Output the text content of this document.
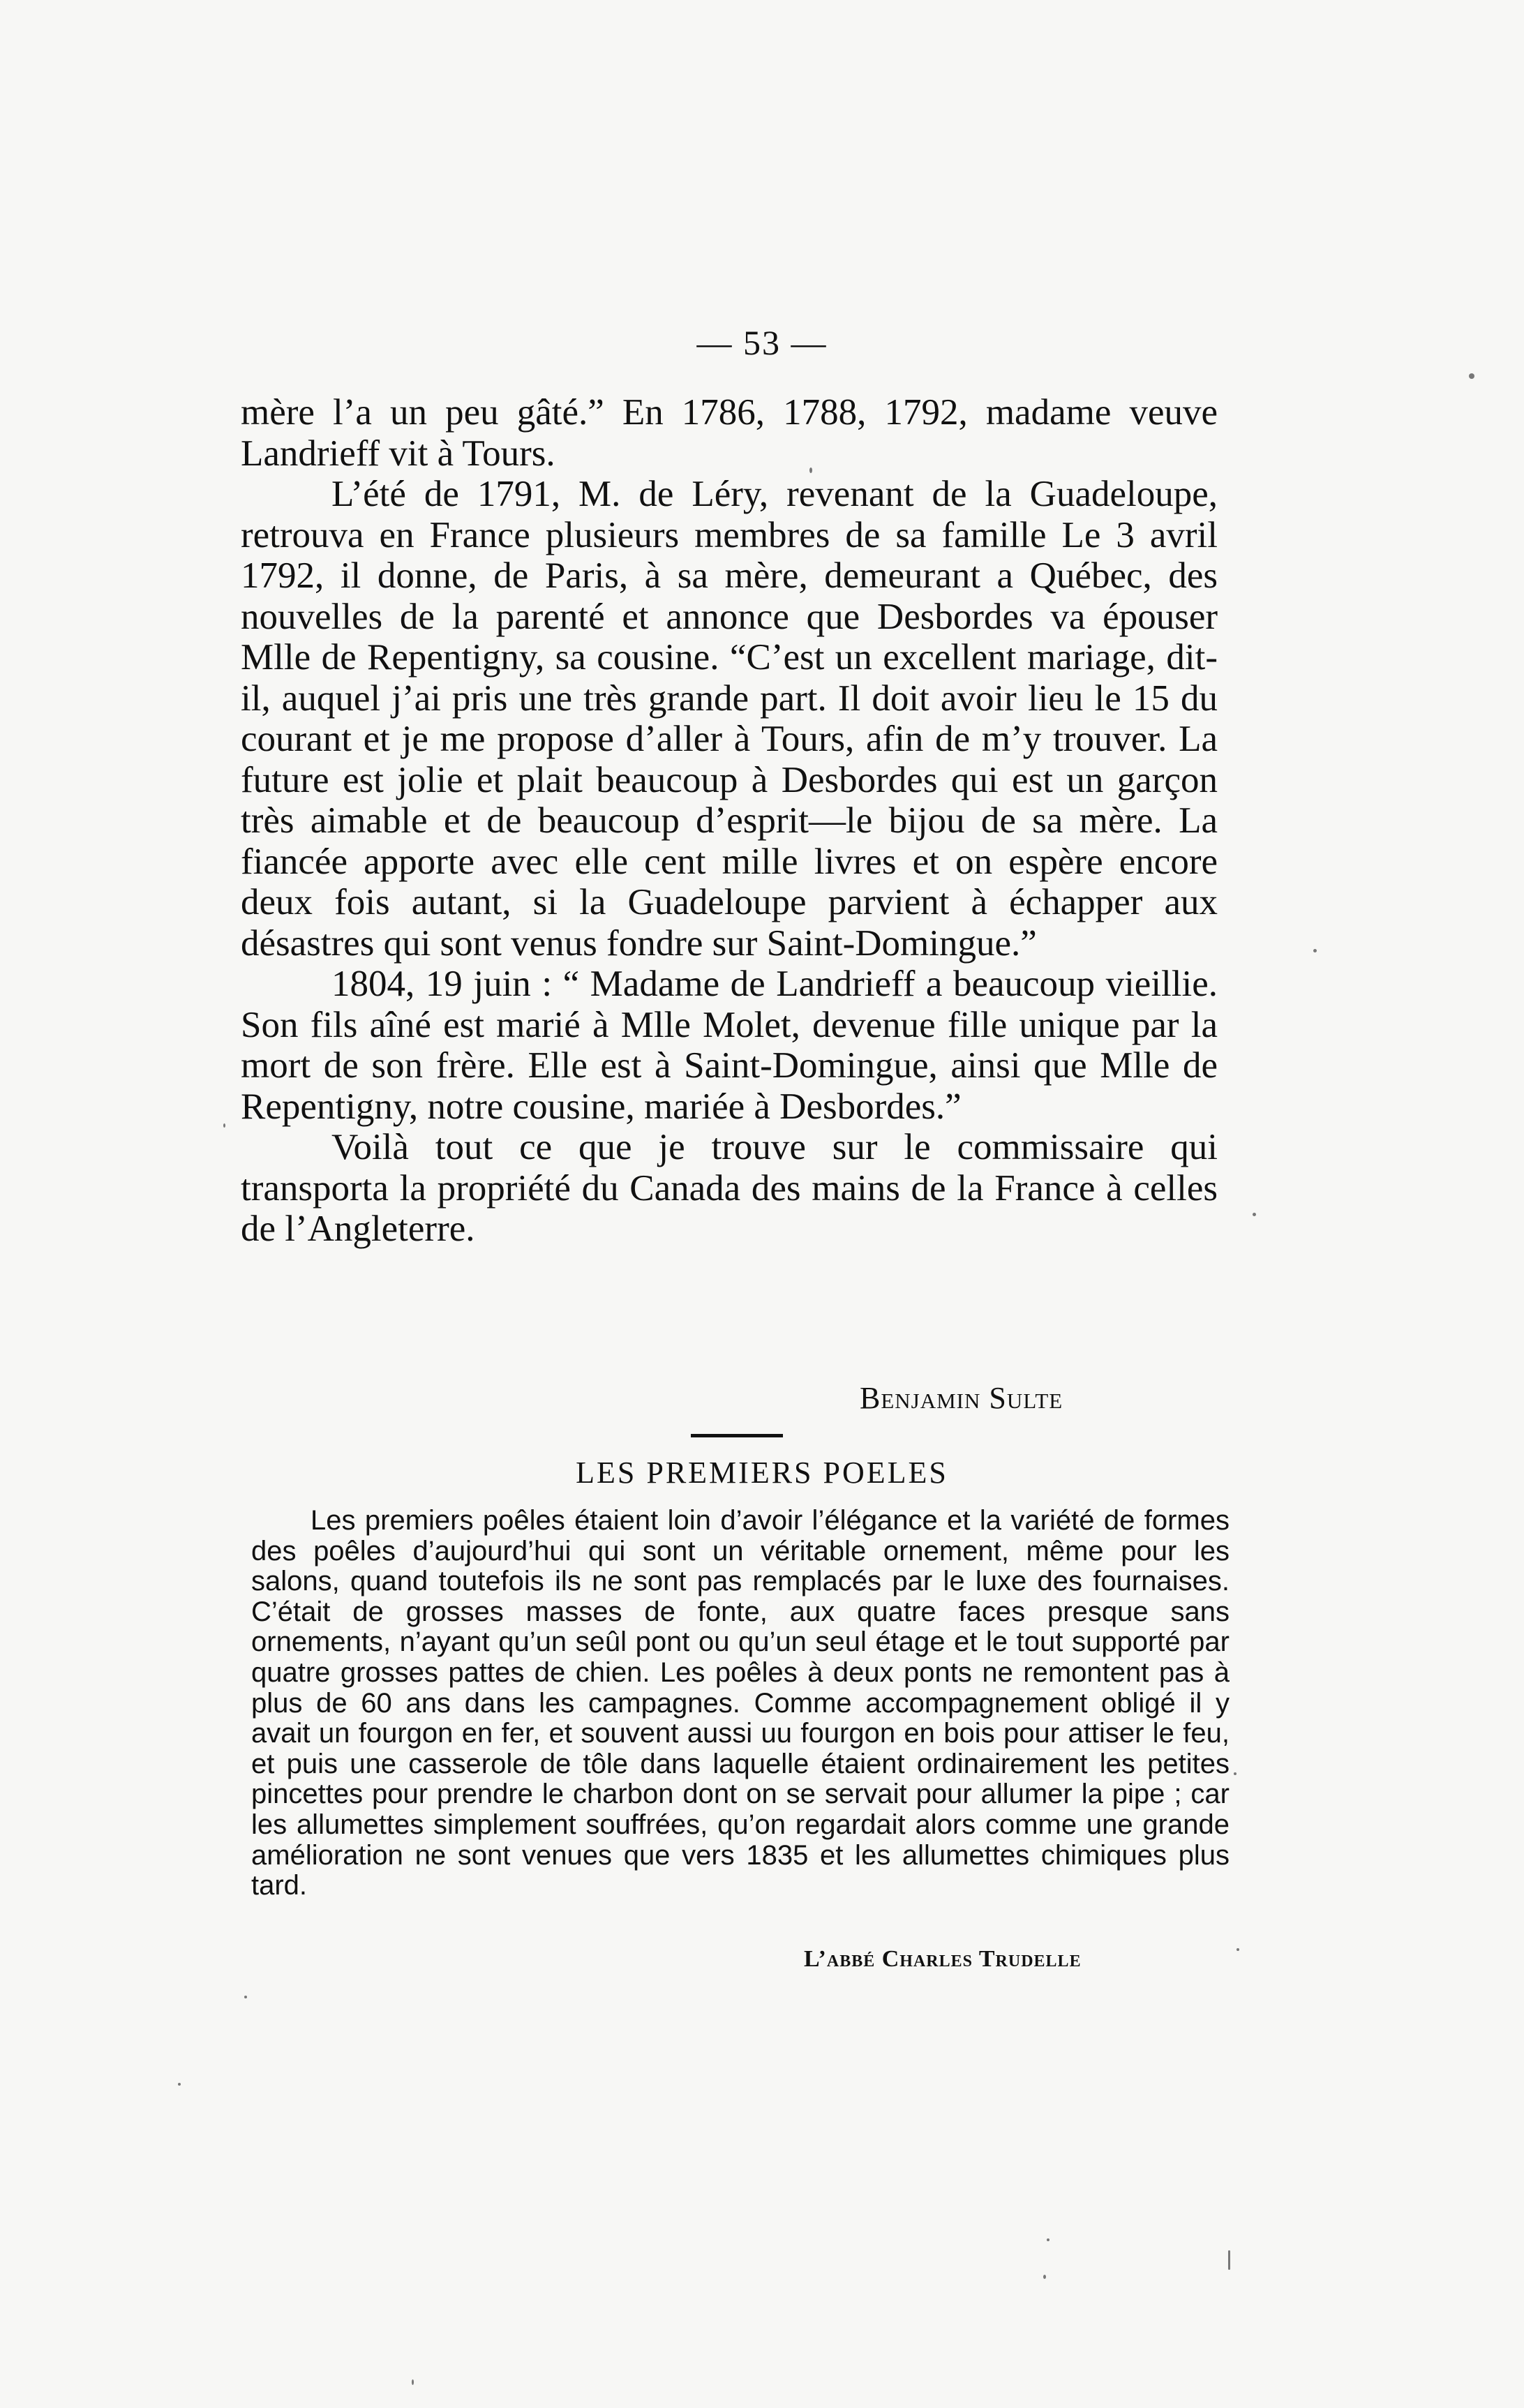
— 53 —

mère l’a un peu gâté.” En 1786, 1788, 1792, madame veuve Landrieff vit à Tours.

L’été de 1791, M. de Léry, revenant de la Guadeloupe, retrouva en France plusieurs membres de sa famille Le 3 avril 1792, il donne, de Paris, à sa mère, demeurant a Québec, des nouvelles de la parenté et annonce que Desbordes va épouser Mlle de Repentigny, sa cousine. “C’est un excellent mariage, dit-il, auquel j’ai pris une très grande part. Il doit avoir lieu le 15 du courant et je me propose d’aller à Tours, afin de m’y trouver. La future est jolie et plait beaucoup à Desbordes qui est un garçon très aimable et de beaucoup d’esprit—le bijou de sa mère. La fiancée apporte avec elle cent mille livres et on espère encore deux fois autant, si la Guadeloupe parvient à échapper aux désastres qui sont venus fondre sur Saint-Domingue.”

1804, 19 juin : “ Madame de Landrieff a beaucoup vieillie. Son fils aîné est marié à Mlle Molet, devenue fille unique par la mort de son frère. Elle est à Saint-Domingue, ainsi que Mlle de Repentigny, notre cousine, mariée à Desbordes.”

Voilà tout ce que je trouve sur le commissaire qui transporta la propriété du Canada des mains de la France à celles de l’Angleterre.

Benjamin Sulte
LES PREMIERS POELES

Les premiers poêles étaient loin d’avoir l’élégance et la variété de formes des poêles d’aujourd’hui qui sont un véritable ornement, même pour les salons, quand toutefois ils ne sont pas remplacés par le luxe des fournaises. C’était de grosses masses de fonte, aux quatre faces presque sans ornements, n’ayant qu’un seûl pont ou qu’un seul étage et le tout supporté par quatre grosses pattes de chien. Les poêles à deux ponts ne remontent pas à plus de 60 ans dans les campagnes. Comme accompagnement obligé il y avait un fourgon en fer, et souvent aussi uu fourgon en bois pour attiser le feu, et puis une casserole de tôle dans laquelle étaient ordinairement les petites pincettes pour prendre le charbon dont on se servait pour allumer la pipe ; car les allumettes simplement souffrées, qu’on regardait alors comme une grande amélioration ne sont venues que vers 1835 et les allumettes chimiques plus tard.

L’abbé Charles Trudelle
